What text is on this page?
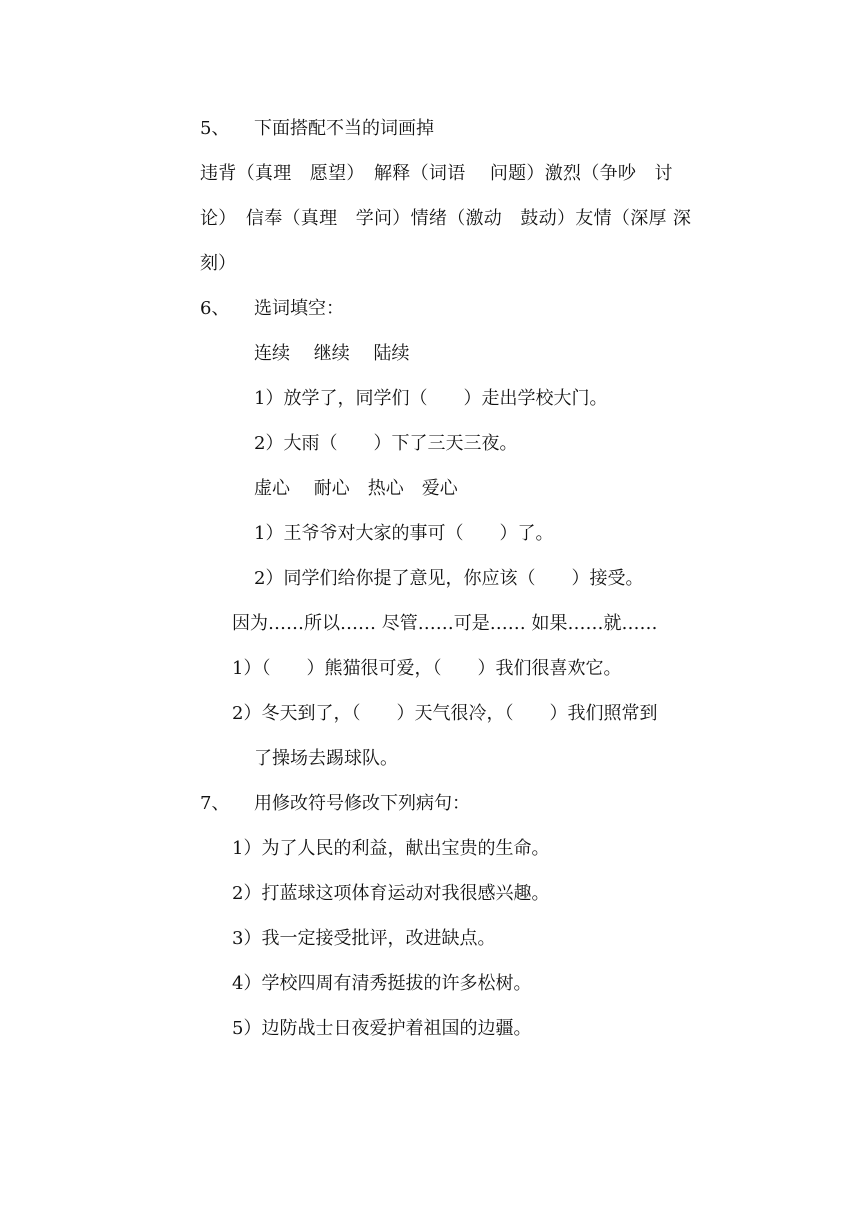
5、 下面搭配不当的词画掉
违背（真理　愿望）　解释（词语　 问题）激烈（争吵　讨
论）　信奉（真理　学问）情绪（激动　鼓动）友情（深厚 深
刻）
6、 选词填空：
连续　 继续　 陆续
1）放学了，同学们（　　）走出学校大门。
2）大雨（　　）下了三天三夜。
虚心　 耐心　热心　爱心
1）王爷爷对大家的事可（　　）了。
2）同学们给你提了意见，你应该（　　）接受。
因为……所以…… 尽管……可是…… 如果……就……
1）（　　）熊猫很可爱，（　　）我们很喜欢它。
2）冬天到了，（　　）天气很冷，（　　）我们照常到
了操场去踢球队。
7、 用修改符号修改下列病句：
1）为了人民的利益，献出宝贵的生命。
2）打蓝球这项体育运动对我很感兴趣。
3）我一定接受批评，改进缺点。
4）学校四周有清秀挺拔的许多松树。
5）边防战士日夜爱护着祖国的边疆。
